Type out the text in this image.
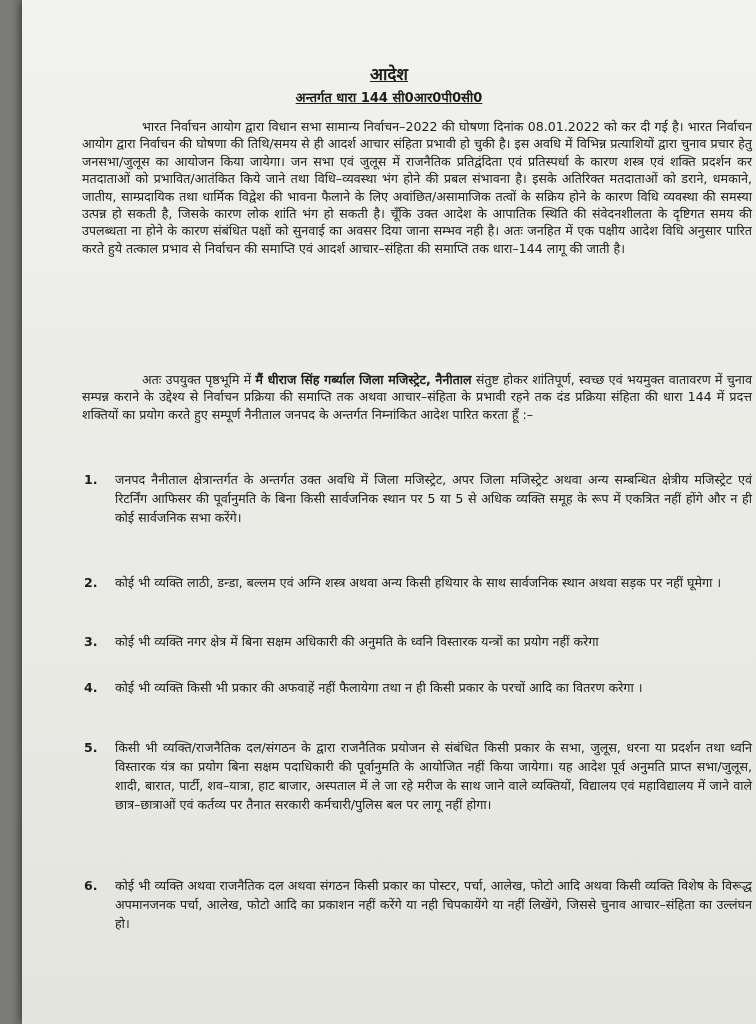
आदेश
अन्तर्गत धारा 144 सी0आर0पी0सी0

भारत निर्वाचन आयोग द्वारा विधान सभा सामान्य निर्वाचन–2022 की घोषणा दिनांक 08.01.2022 को कर दी गई है। भारत निर्वाचन आयोग द्वारा निर्वाचन की घोषणा की तिथि/समय से ही आदर्श आचार संहिता प्रभावी हो चुकी है। इस अवधि में विभिन्न प्रत्याशियों द्वारा चुनाव प्रचार हेतु जनसभा/जुलूस का आयोजन किया जायेगा। जन सभा एवं जुलूस में राजनैतिक प्रतिद्वंदिता एवं प्रतिस्पर्धा के कारण शस्त्र एवं शक्ति प्रदर्शन कर मतदाताओं को प्रभावित/आतंकित किये जाने तथा विधि–व्यवस्था भंग होने की प्रबल संभावना है। इसके अतिरिक्त मतदाताओं को डराने, धमकाने, जातीय, साम्प्रदायिक तथा धार्मिक विद्वेश की भावना फैलाने के लिए अवांछित/असामाजिक तत्वों के सक्रिय होने के कारण विधि व्यवस्था की समस्या उत्पन्न हो सकती है, जिसके कारण लोक शांति भंग हो सकती है। चूँकि उक्त आदेश के आपातिक स्थिति की संवेदनशीलता के दृष्टिगत समय की उपलब्धता ना होने के कारण संबंधित पक्षों को सुनवाई का अवसर दिया जाना सम्भव नही है। अतः जनहित में एक पक्षीय आदेश विधि अनुसार पारित करते हुये तत्काल प्रभाव से निर्वाचन की समाप्ति एवं आदर्श आचार–संहिता की समाप्ति तक धारा–144 लागू की जाती है।

अतः उपयुक्त पृष्ठभूमि में मैं धीराज सिंह गर्ब्याल जिला मजिस्ट्रेट, नैनीताल संतुष्ट होकर शांतिपूर्ण, स्वच्छ एवं भयमुक्त वातावरण में चुनाव सम्पन्न कराने के उद्देश्य से निर्वाचन प्रक्रिया की समाप्ति तक अथवा आचार–संहिता के प्रभावी रहने तक दंड प्रक्रिया संहिता की धारा 144 में प्रदत्त शक्तियों का प्रयोग करते हुए सम्पूर्ण नैनीताल जनपद के अन्तर्गत निम्नांकित आदेश पारित करता हूँ :–

1.	जनपद नैनीताल क्षेत्रान्तर्गत के अन्तर्गत उक्त अवधि में जिला मजिस्ट्रेट, अपर जिला मजिस्ट्रेट अथवा अन्य सम्बन्धित क्षेत्रीय मजिस्ट्रेट एवं रिटर्निंग आफिसर की पूर्वानुमति के बिना किसी सार्वजनिक स्थान पर 5 या 5 से अधिक व्यक्ति समूह के रूप में एकत्रित नहीं होंगे और न ही कोई सार्वजनिक सभा करेंगे।
2.	कोई भी व्यक्ति लाठी, डन्डा, बल्लम एवं अग्नि शस्त्र अथवा अन्य किसी हथियार के साथ सार्वजनिक स्थान अथवा सड़क पर नहीं घूमेगा ।
3.	कोई भी व्यक्ति नगर क्षेत्र में बिना सक्षम अधिकारी की अनुमति के ध्वनि विस्तारक यन्त्रों का प्रयोग नहीं करेगा
4.	कोई भी व्यक्ति किसी भी प्रकार की अफवाहें नहीं फैलायेगा तथा न ही किसी प्रकार के परचों आदि का वितरण करेगा ।
5.	किसी भी व्यक्ति/राजनैतिक दल/संगठन के द्वारा राजनैतिक प्रयोजन से संबंधित किसी प्रकार के सभा, जुलूस, धरना या प्रदर्शन तथा ध्वनि विस्तारक यंत्र का प्रयोग बिना सक्षम पदाधिकारी की पूर्वानुमति के आयोजित नहीं किया जायेगा। यह आदेश पूर्व अनुमति प्राप्त सभा/जुलूस, शादी, बारात, पार्टी, शव–यात्रा, हाट बाजार, अस्पताल में ले जा रहे मरीज के साथ जाने वाले व्यक्तियों, विद्यालय एवं महाविद्यालय में जाने वाले छात्र–छात्राओं एवं कर्तव्य पर तैनात सरकारी कर्मचारी/पुलिस बल पर लागू नहीं होगा।
6.	कोई भी व्यक्ति अथवा राजनैतिक दल अथवा संगठन किसी प्रकार का पोस्टर, पर्चा, आलेख, फोटो आदि अथवा किसी व्यक्ति विशेष के विरूद्ध अपमानजनक पर्चा, आलेख, फोटो आदि का प्रकाशन नहीं करेंगे या नही चिपकायेंगे या नहीं लिखेंगे, जिससे चुनाव आचार–संहिता का उल्लंघन हो।
